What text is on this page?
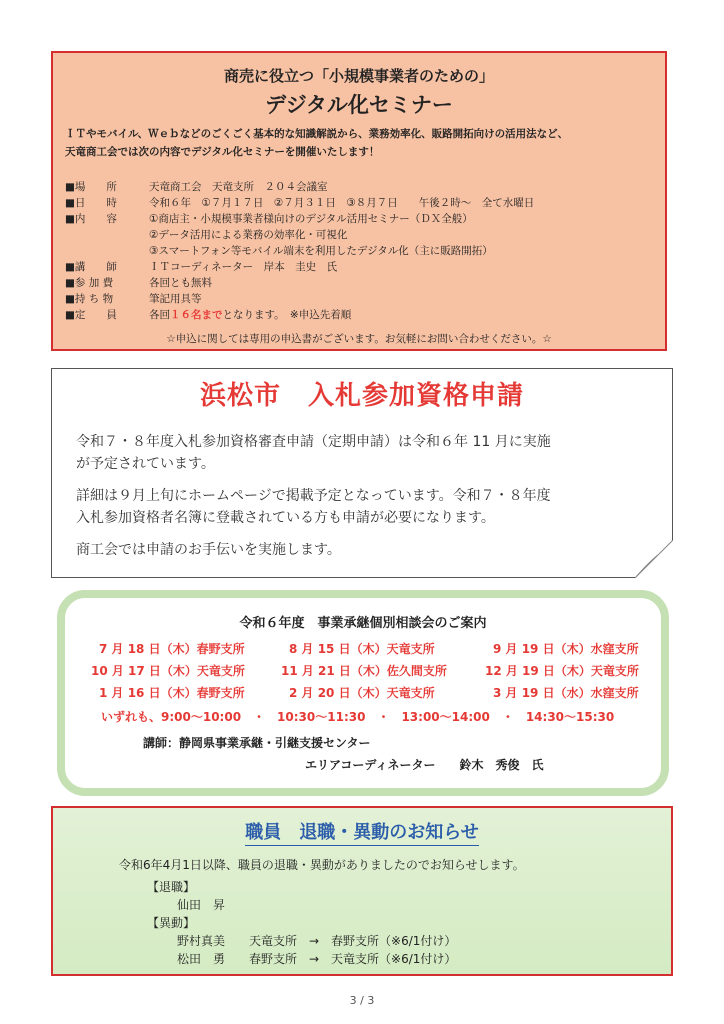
商売に役立つ「小規模事業者のための」
デジタル化セミナー
ＩＴやモバイル、Ｗｅｂなどのごくごく基本的な知識解説から、業務効率化、販路開拓向けの活用法など、
天竜商工会では次の内容でデジタル化セミナーを開催いたします！
■場　　所	天竜商工会　天竜支所　２０４会議室
■日　　時	令和６年　①７月１７日　②７月３１日　③８月７日　　午後２時～　全て水曜日
■内　　容	①商店主・小規模事業者様向けのデジタル活用セミナー（ＤＸ全般）
②データ活用による業務の効率化・可視化
③スマートフォン等モバイル端末を利用したデジタル化（主に販路開拓）
■講　　師	ＩＴコーディネーター　岸本　圭史　氏
■参 加 費	各回とも無料
■持 ち 物	筆記用具等
■定　　員	各回１６名までとなります。　※申込先着順
☆申込に関しては専用の申込書がございます。お気軽にお問い合わせください。☆
浜松市　入札参加資格申請
令和７・８年度入札参加資格審査申請（定期申請）は令和６年 11 月に実施
が予定されています。
詳細は９月上旬にホームページで掲載予定となっています。令和７・８年度
入札参加資格者名簿に登載されている方も申請が必要になります。
商工会では申請のお手伝いを実施します。
令和６年度　事業承継個別相談会のご案内
7 月 18 日（木）春野支所	8 月 15 日（木）天竜支所	9 月 19 日（木）水窪支所
10 月 17 日（木）天竜支所	11 月 21 日（木）佐久間支所	12 月 19 日（木）天竜支所
1 月 16 日（木）春野支所	2 月 20 日（木）天竜支所	3 月 19 日（水）水窪支所
いずれも、9:00～10:00　・　10:30～11:30　・　13:00～14:00　・　14:30～15:30
講師：静岡県事業承継・引継支援センター
エリアコーディネーター　　鈴木　秀俊　氏
職員　退職・異動のお知らせ
令和6年4月1日以降、職員の退職・異動がありましたのでお知らせします。
【退職】
仙田　昇
【異動】
野村真美　　天竜支所　→　春野支所（※6/1付け）
松田　勇　　春野支所　→　天竜支所（※6/1付け）
3 / 3
